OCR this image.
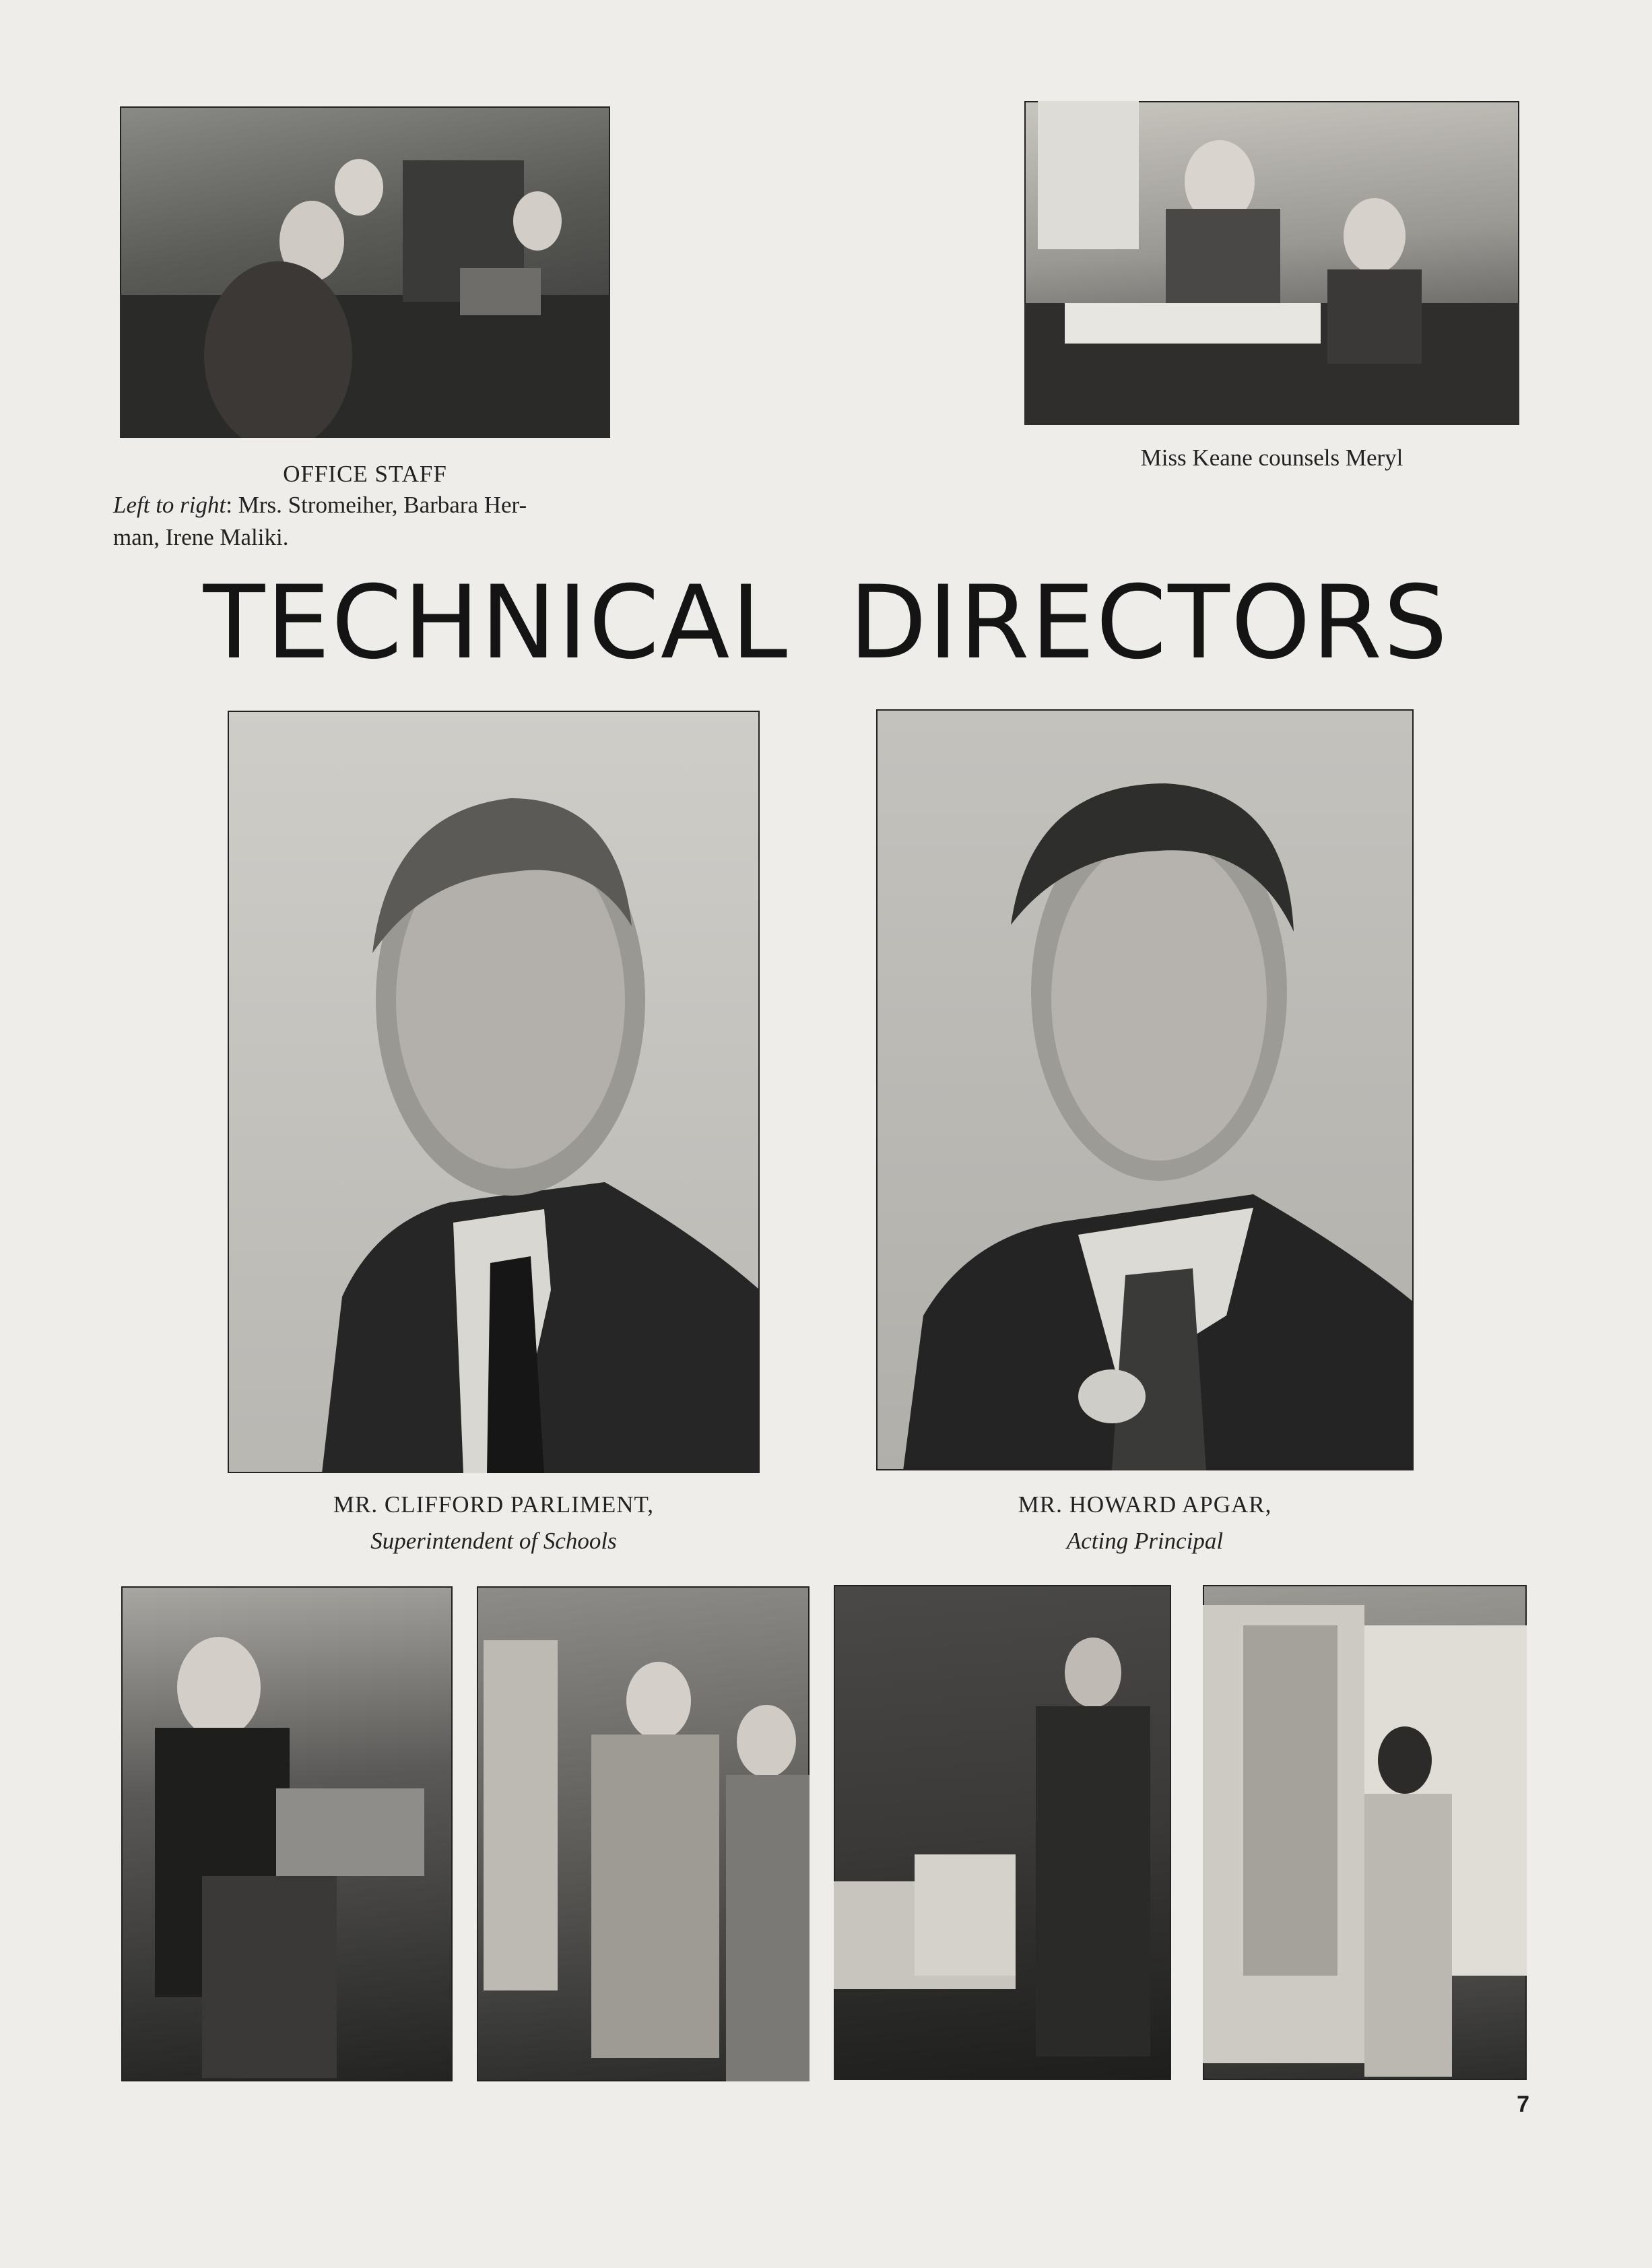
OFFICE STAFF
Left to right: Mrs. Stromeiher, Barbara Her-
man, Irene Maliki.
Miss Keane counsels Meryl
TECHNICAL DIRECTORS
MR. CLIFFORD PARLIMENT,
Superintendent of Schools
MR. HOWARD APGAR,
Acting Principal
7
